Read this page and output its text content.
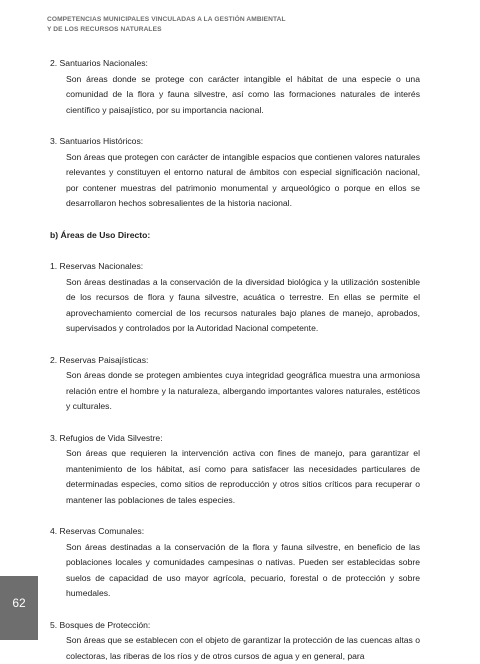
COMPETENCIAS MUNICIPALES VINCULADAS A LA GESTIÓN AMBIENTAL
Y DE LOS RECURSOS NATURALES
2. Santuarios Nacionales:
Son áreas donde se protege con carácter intangible el hábitat de una especie o una comunidad de la flora y fauna silvestre, así como las formaciones naturales de interés científico y paisajístico, por su importancia nacional.
3. Santuarios Históricos:
Son áreas que protegen con carácter de intangible espacios que contienen valores naturales relevantes y constituyen el entorno natural de ámbitos con especial significación nacional, por contener muestras del patrimonio monumental y arqueológico o porque en ellos se desarrollaron hechos sobresalientes de la historia nacional.
b) Áreas de Uso Directo:
1. Reservas Nacionales:
Son áreas destinadas a la conservación de la diversidad biológica y la utilización sostenible de los recursos de flora y fauna silvestre, acuática o terrestre. En ellas se permite el aprovechamiento comercial de los recursos naturales bajo planes de manejo, aprobados, supervisados y controlados por la Autoridad Nacional competente.
2. Reservas Paisajísticas:
Son áreas donde se protegen ambientes cuya integridad geográfica muestra una armoniosa relación entre el hombre y la naturaleza, albergando importantes valores naturales, estéticos y culturales.
3. Refugios de Vida Silvestre:
Son áreas que requieren la intervención activa con fines de manejo, para garantizar el mantenimiento de los hábitat, así como para satisfacer las necesidades particulares de determinadas especies, como sitios de reproducción y otros sitios críticos para recuperar o mantener las poblaciones de tales especies.
4. Reservas Comunales:
Son áreas destinadas a la conservación de la flora y fauna silvestre, en beneficio de las poblaciones locales y comunidades campesinas o nativas. Pueden ser establecidas sobre suelos de capacidad de uso mayor agrícola, pecuario, forestal o de protección y sobre humedales.
5. Bosques de Protección:
Son áreas que se establecen con el objeto de garantizar la protección de las cuencas altas o colectoras, las riberas de los ríos y de otros cursos de agua y en general, para
62
